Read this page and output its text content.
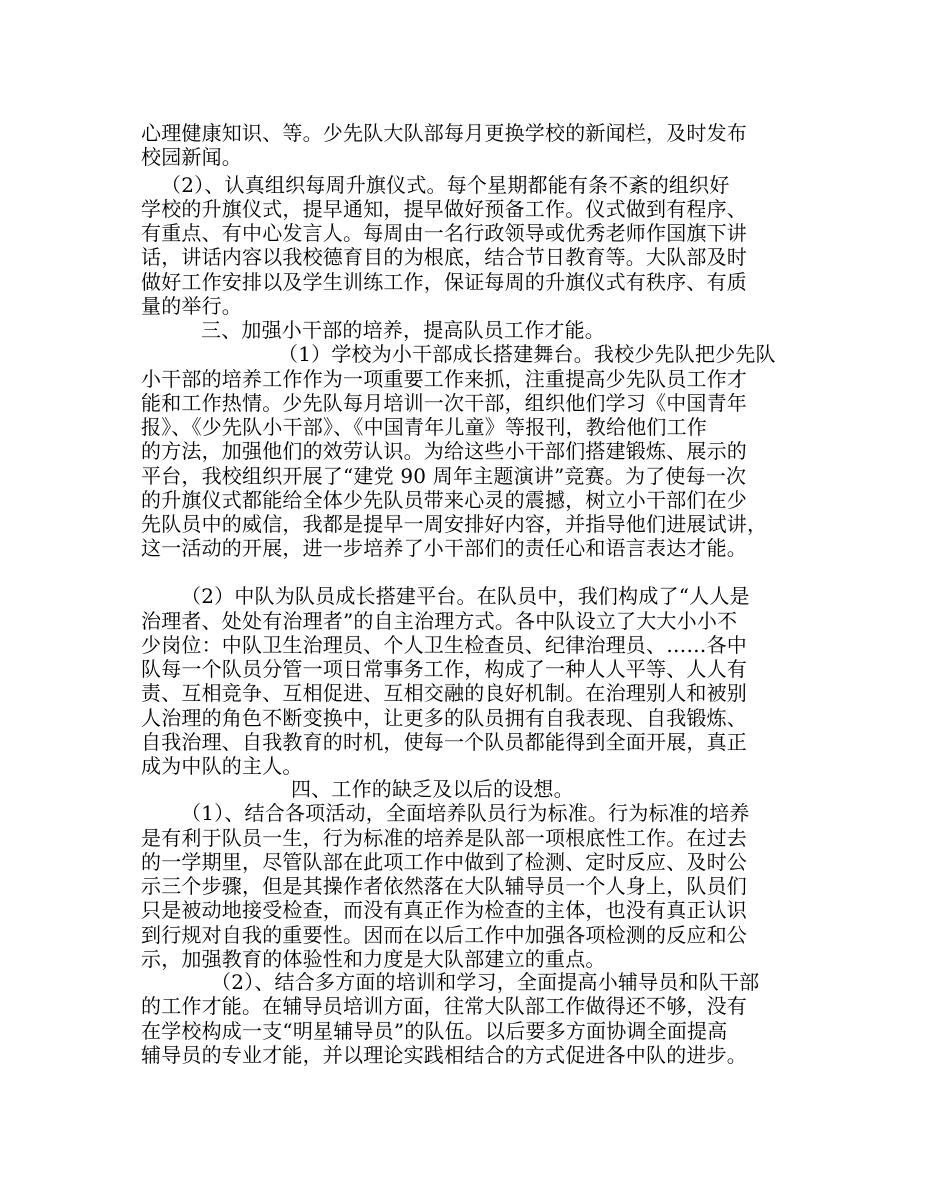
心理健康知识、等。少先队大队部每月更换学校的新闻栏，及时发布
校园新闻。
（2）、认真组织每周升旗仪式。每个星期都能有条不紊的组织好
学校的升旗仪式，提早通知，提早做好预备工作。仪式做到有程序、
有重点、有中心发言人。每周由一名行政领导或优秀老师作国旗下讲
话，讲话内容以我校德育目的为根底，结合节日教育等。大队部及时
做好工作安排以及学生训练工作，保证每周的升旗仪式有秩序、有质
量的举行。
三、加强小干部的培养，提高队员工作才能。
（1）学校为小干部成长搭建舞台。我校少先队把少先队
小干部的培养工作作为一项重要工作来抓，注重提高少先队员工作才
能和工作热情。少先队每月培训一次干部，组织他们学习《中国青年
报》、《少先队小干部》、《中国青年儿童》等报刊，教给他们工作
的方法，加强他们的效劳认识。为给这些小干部们搭建锻炼、展示的
平台，我校组织开展了“建党 90 周年主题演讲”竞赛。为了使每一次
的升旗仪式都能给全体少先队员带来心灵的震撼，树立小干部们在少
先队员中的威信，我都是提早一周安排好内容，并指导他们进展试讲，
这一活动的开展，进一步培养了小干部们的责任心和语言表达才能。
（2）中队为队员成长搭建平台。在队员中，我们构成了“人人是
治理者、处处有治理者”的自主治理方式。各中队设立了大大小小不
少岗位：中队卫生治理员、个人卫生检查员、纪律治理员、……各中
队每一个队员分管一项日常事务工作，构成了一种人人平等、人人有
责、互相竞争、互相促进、互相交融的良好机制。在治理别人和被别
人治理的角色不断变换中，让更多的队员拥有自我表现、自我锻炼、
自我治理、自我教育的时机，使每一个队员都能得到全面开展，真正
成为中队的主人。
四、工作的缺乏及以后的设想。
（1）、结合各项活动，全面培养队员行为标准。行为标准的培养
是有利于队员一生，行为标准的培养是队部一项根底性工作。在过去
的一学期里，尽管队部在此项工作中做到了检测、定时反应、及时公
示三个步骤，但是其操作者依然落在大队辅导员一个人身上，队员们
只是被动地接受检查，而没有真正作为检查的主体，也没有真正认识
到行规对自我的重要性。因而在以后工作中加强各项检测的反应和公
示，加强教育的体验性和力度是大队部建立的重点。
（2）、结合多方面的培训和学习，全面提高小辅导员和队干部
的工作才能。在辅导员培训方面，往常大队部工作做得还不够，没有
在学校构成一支“明星辅导员”的队伍。以后要多方面协调全面提高
辅导员的专业才能，并以理论实践相结合的方式促进各中队的进步。
